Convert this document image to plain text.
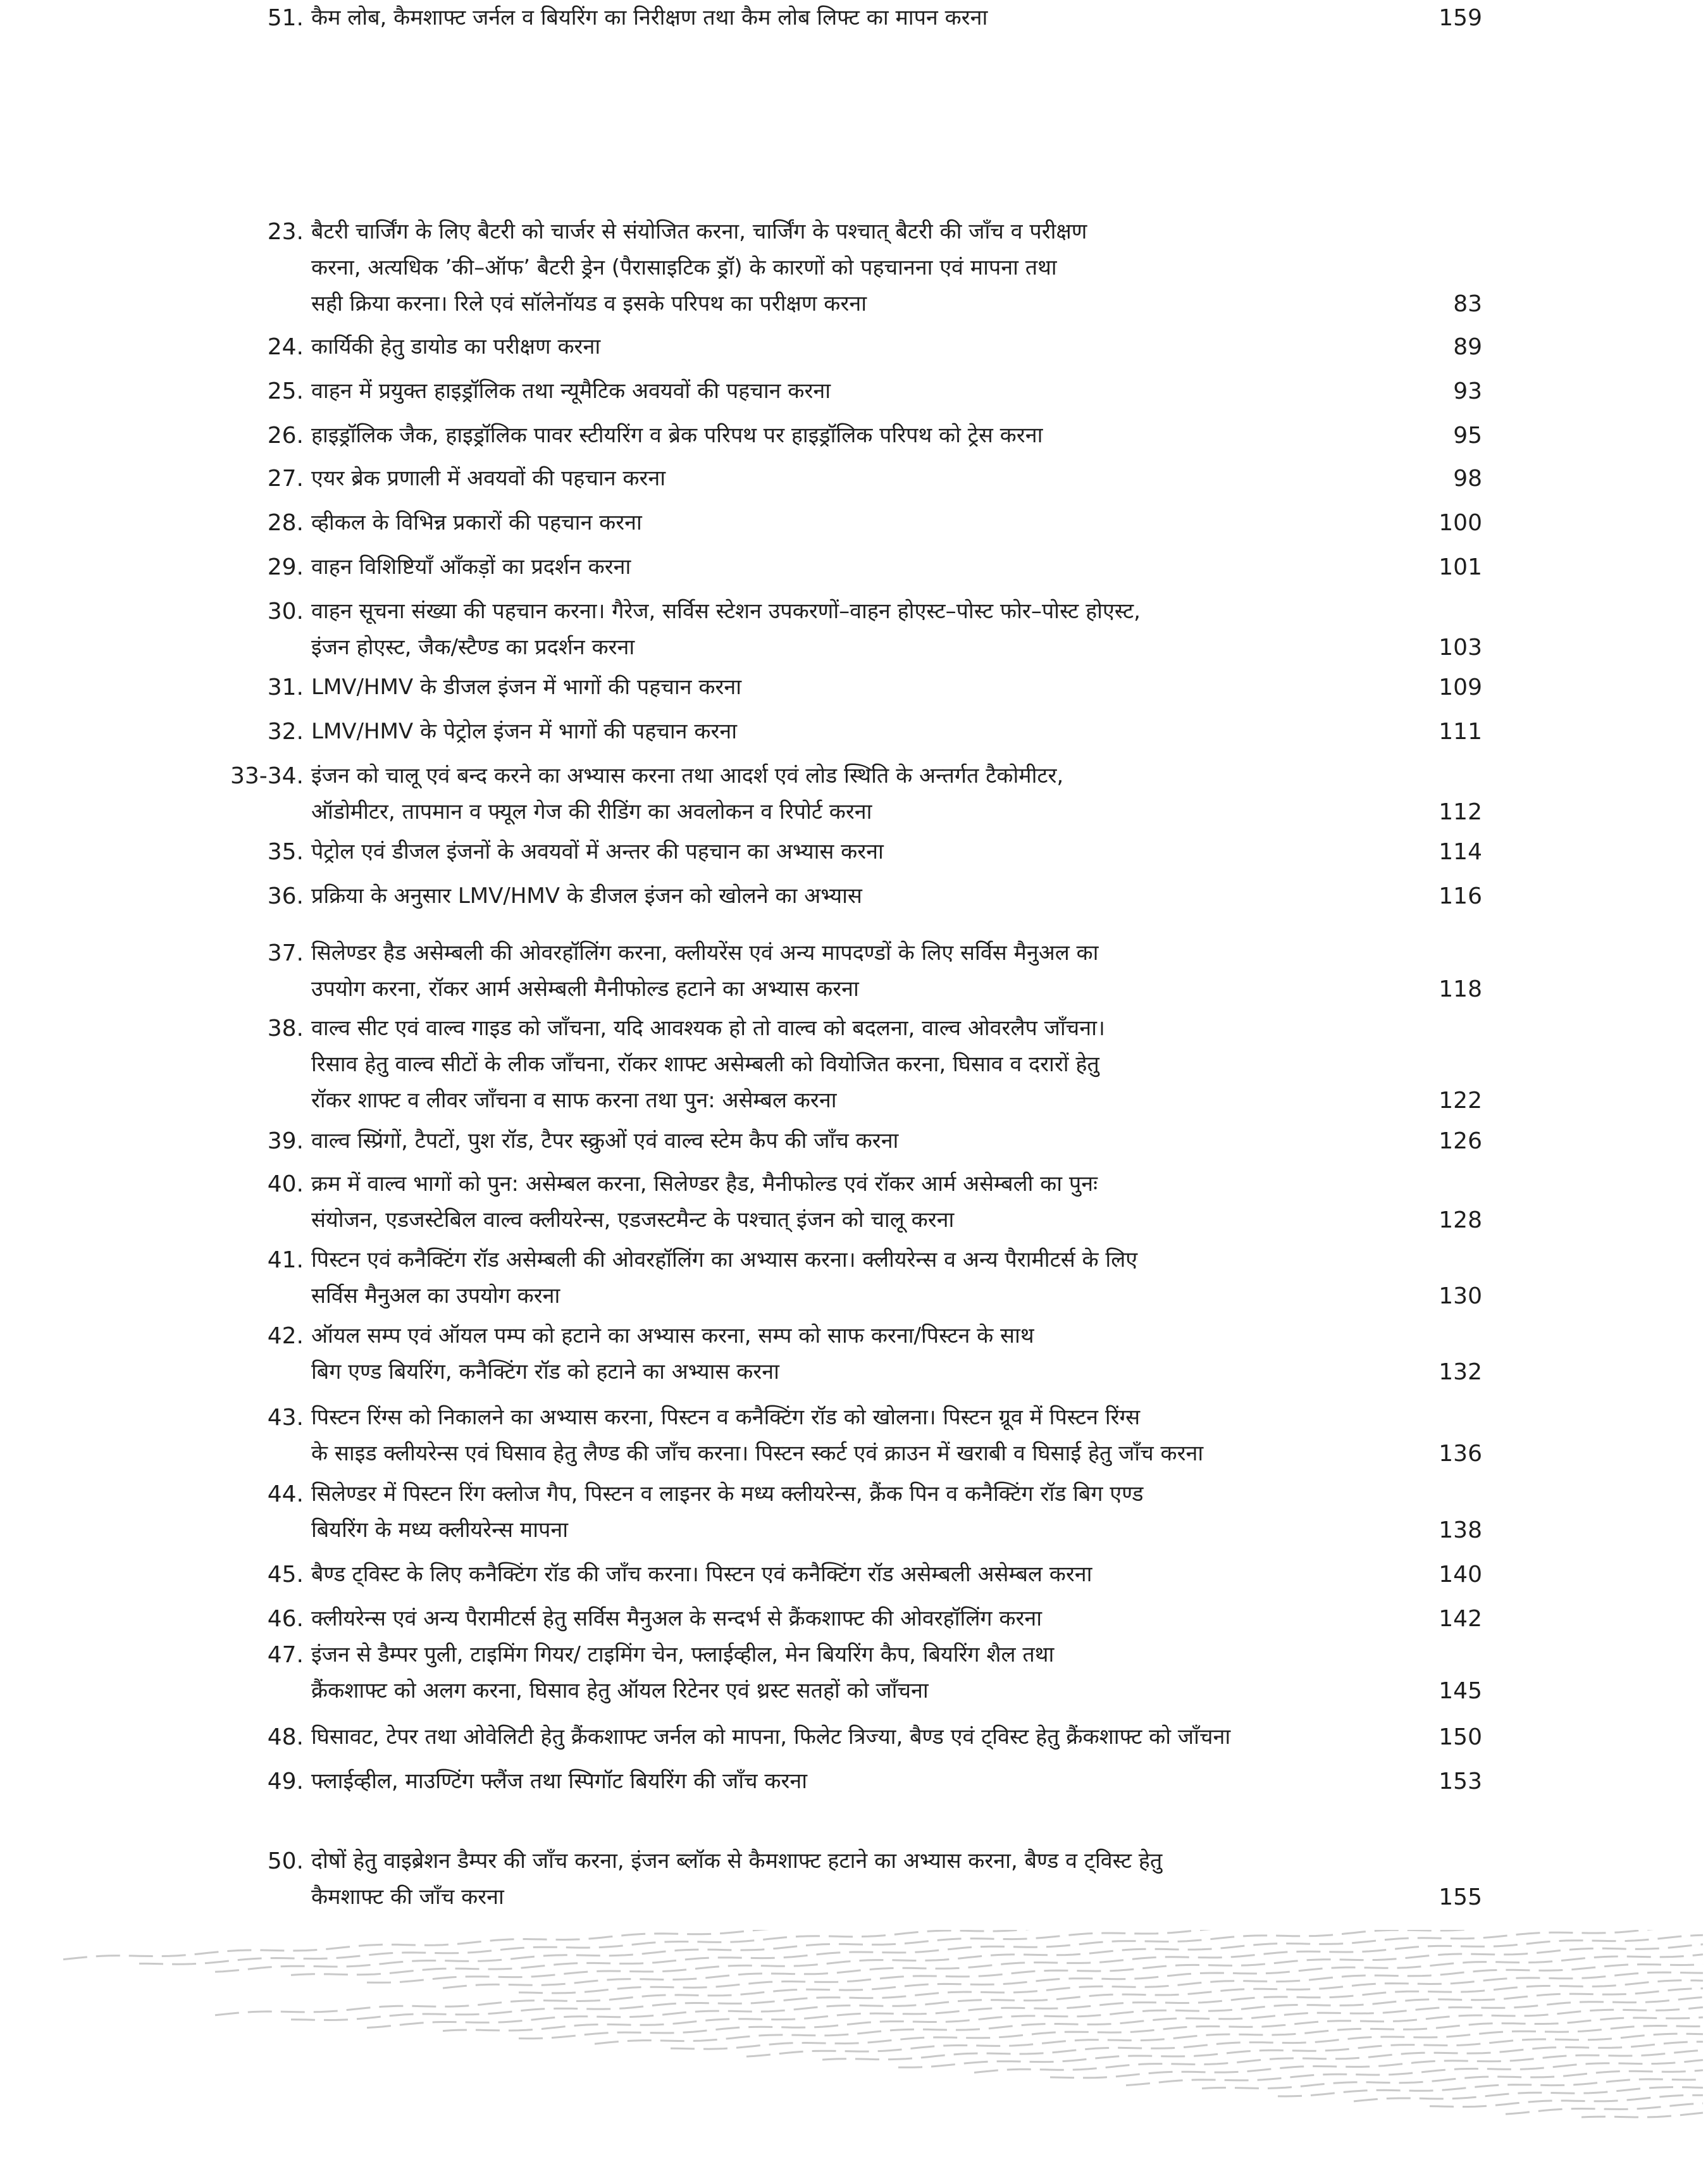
23. बैटरी चार्जिंग के लिए बैटरी को चार्जर से संयोजित करना, चार्जिंग के पश्चात् बैटरी की जाँच व परीक्षण
करना, अत्यधिक ’की–ऑफ’ बैटरी ड्रेन (पैरासाइटिक ड्रॉ) के कारणों को पहचानना एवं मापना तथा
सही क्रिया करना। रिले एवं सॉलेनॉयड व इसके परिपथ का परीक्षण करना	83
24. कार्यिकी हेतु डायोड का परीक्षण करना	89
25. वाहन में प्रयुक्त हाइड्रॉलिक तथा न्यूमैटिक अवयवों की पहचान करना	93
26. हाइड्रॉलिक जैक, हाइड्रॉलिक पावर स्टीयरिंग व ब्रेक परिपथ पर हाइड्रॉलिक परिपथ को ट्रेस करना	95
27. एयर ब्रेक प्रणाली में अवयवों की पहचान करना	98
28. व्हीकल के विभिन्न प्रकारों की पहचान करना	100
29. वाहन विशिष्टियाँ आँकड़ों का प्रदर्शन करना	101
30. वाहन सूचना संख्या की पहचान करना। गैरेज, सर्विस स्टेशन उपकरणों–वाहन होएस्ट–पोस्ट फोर–पोस्ट होएस्ट,
इंजन होएस्ट, जैक/स्टैण्ड का प्रदर्शन करना	103
31. LMV/HMV के डीजल इंजन में भागों की पहचान करना	109
32. LMV/HMV के पेट्रोल इंजन में भागों की पहचान करना	111
33-34. इंजन को चालू एवं बन्द करने का अभ्यास करना तथा आदर्श एवं लोड स्थिति के अन्तर्गत टैकोमीटर,
ऑडोमीटर, तापमान व फ्यूल गेज की रीडिंग का अवलोकन व रिपोर्ट करना	112
35. पेट्रोल एवं डीजल इंजनों के अवयवों में अन्तर की पहचान का अभ्यास करना	114
36. प्रक्रिया के अनुसार LMV/HMV के डीजल इंजन को खोलने का अभ्यास	116
37. सिलेण्डर हैड असेम्बली की ओवरहॉलिंग करना, क्लीयरेंस एवं अन्य मापदण्डों के लिए सर्विस मैनुअल का
उपयोग करना, रॉकर आर्म असेम्बली मैनीफोल्ड हटाने का अभ्यास करना	118
38. वाल्व सीट एवं वाल्व गाइड को जाँचना, यदि आवश्यक हो तो वाल्व को बदलना, वाल्व ओवरलैप जाँचना।
रिसाव हेतु वाल्व सीटों के लीक जाँचना, रॉकर शाफ्ट असेम्बली को वियोजित करना, घिसाव व दरारों हेतु
रॉकर शाफ्ट व लीवर जाँचना व साफ करना तथा पुन: असेम्बल करना	122
39. वाल्व स्प्रिंगों, टैपटों, पुश रॉड, टैपर स्क्रुओं एवं वाल्व स्टेम कैप की जाँच करना	126
40. क्रम में वाल्व भागों को पुन: असेम्बल करना, सिलेण्डर हैड, मैनीफोल्ड एवं रॉकर आर्म असेम्बली का पुनः
संयोजन, एडजस्टेबिल वाल्व क्लीयरेन्स, एडजस्टमैन्ट के पश्चात् इंजन को चालू करना	128
41. पिस्टन एवं कनैक्टिंग रॉड असेम्बली की ओवरहॉलिंग का अभ्यास करना। क्लीयरेन्स व अन्य पैरामीटर्स के लिए
सर्विस मैनुअल का उपयोग करना	130
42. ऑयल सम्प एवं ऑयल पम्प को हटाने का अभ्यास करना, सम्प को साफ करना/पिस्टन के साथ
बिग एण्ड बियरिंग, कनैक्टिंग रॉड को हटाने का अभ्यास करना	132
43. पिस्टन रिंग्स को निकालने का अभ्यास करना, पिस्टन व कनैक्टिंग रॉड को खोलना। पिस्टन ग्रूव में पिस्टन रिंग्स
के साइड क्लीयरेन्स एवं घिसाव हेतु लैण्ड की जाँच करना। पिस्टन स्कर्ट एवं क्राउन में खराबी व घिसाई हेतु जाँच करना	136
44. सिलेण्डर में पिस्टन रिंग क्लोज गैप, पिस्टन व लाइनर के मध्य क्लीयरेन्स, क्रैंक पिन व कनैक्टिंग रॉड बिग एण्ड
बियरिंग के मध्य क्लीयरेन्स मापना	138
45. बैण्ड ट्विस्ट के लिए कनैक्टिंग रॉड की जाँच करना। पिस्टन एवं कनैक्टिंग रॉड असेम्बली असेम्बल करना	140
46. क्लीयरेन्स एवं अन्य पैरामीटर्स हेतु सर्विस मैनुअल के सन्दर्भ से क्रैंकशाफ्ट की ओवरहॉलिंग करना	142
47. इंजन से डैम्पर पुली, टाइमिंग गियर/ टाइमिंग चेन, फ्लाईव्हील, मेन बियरिंग कैप, बियरिंग शैल तथा
क्रैंकशाफ्ट को अलग करना, घिसाव हेतु ऑयल रिटेनर एवं थ्रस्ट सतहों को जाँचना	145
48. घिसावट, टेपर तथा ओवेलिटी हेतु क्रैंकशाफ्ट जर्नल को मापना, फिलेट त्रिज्या, बैण्ड एवं ट्विस्ट हेतु क्रैंकशाफ्ट को जाँचना	150
49. फ्लाईव्हील, माउण्टिंग फ्लैंज तथा स्पिगॉट बियरिंग की जाँच करना	153
50. दोषों हेतु वाइब्रेशन डैम्पर की जाँच करना, इंजन ब्लॉक से कैमशाफ्ट हटाने का अभ्यास करना, बैण्ड व ट्विस्ट हेतु
कैमशाफ्ट की जाँच करना	155
51. कैम लोब, कैमशाफ्ट जर्नल व बियरिंग का निरीक्षण तथा कैम लोब लिफ्ट का मापन करना	159
